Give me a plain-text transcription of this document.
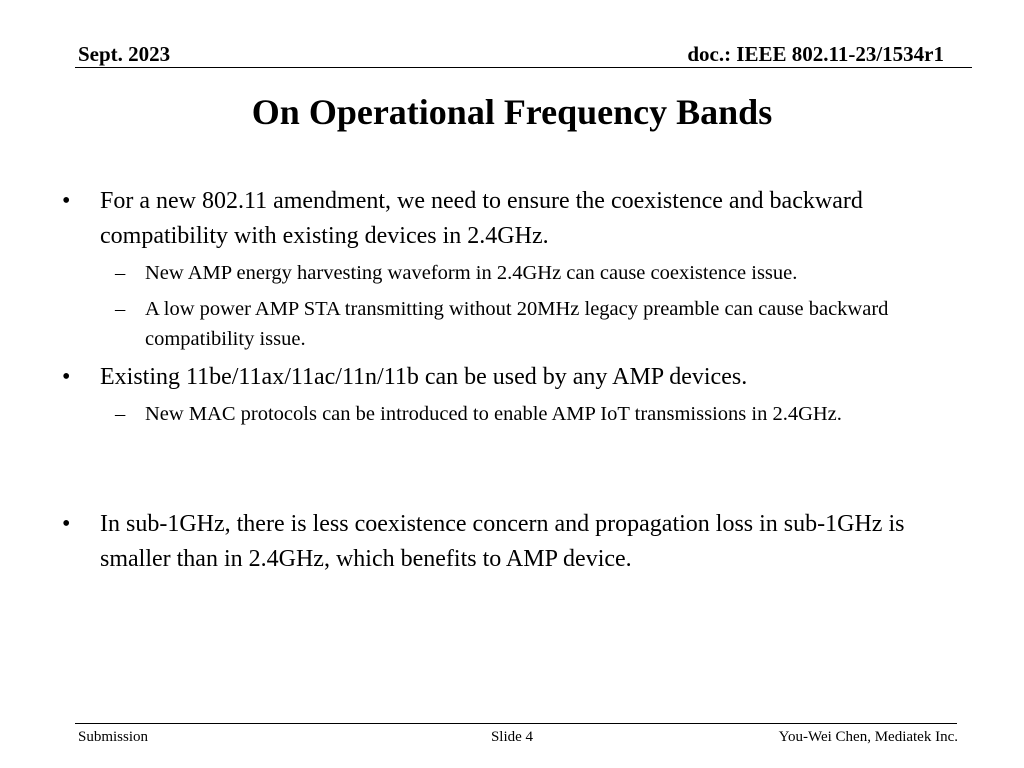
Sept. 2023	doc.: IEEE 802.11-23/1534r1
On Operational Frequency Bands
• For a new 802.11 amendment, we need to ensure the coexistence and backward compatibility with existing devices in 2.4GHz.
– New AMP energy harvesting waveform in 2.4GHz can cause coexistence issue.
– A low power AMP STA transmitting without 20MHz legacy preamble can cause backward compatibility issue.
• Existing 11be/11ax/11ac/11n/11b can be used by any AMP devices.
– New MAC protocols can be introduced to enable AMP IoT transmissions in 2.4GHz.
• In sub-1GHz, there is less coexistence concern and propagation loss in sub-1GHz is smaller than in 2.4GHz, which benefits to AMP device.
Submission	Slide 4	You-Wei Chen, Mediatek Inc.
